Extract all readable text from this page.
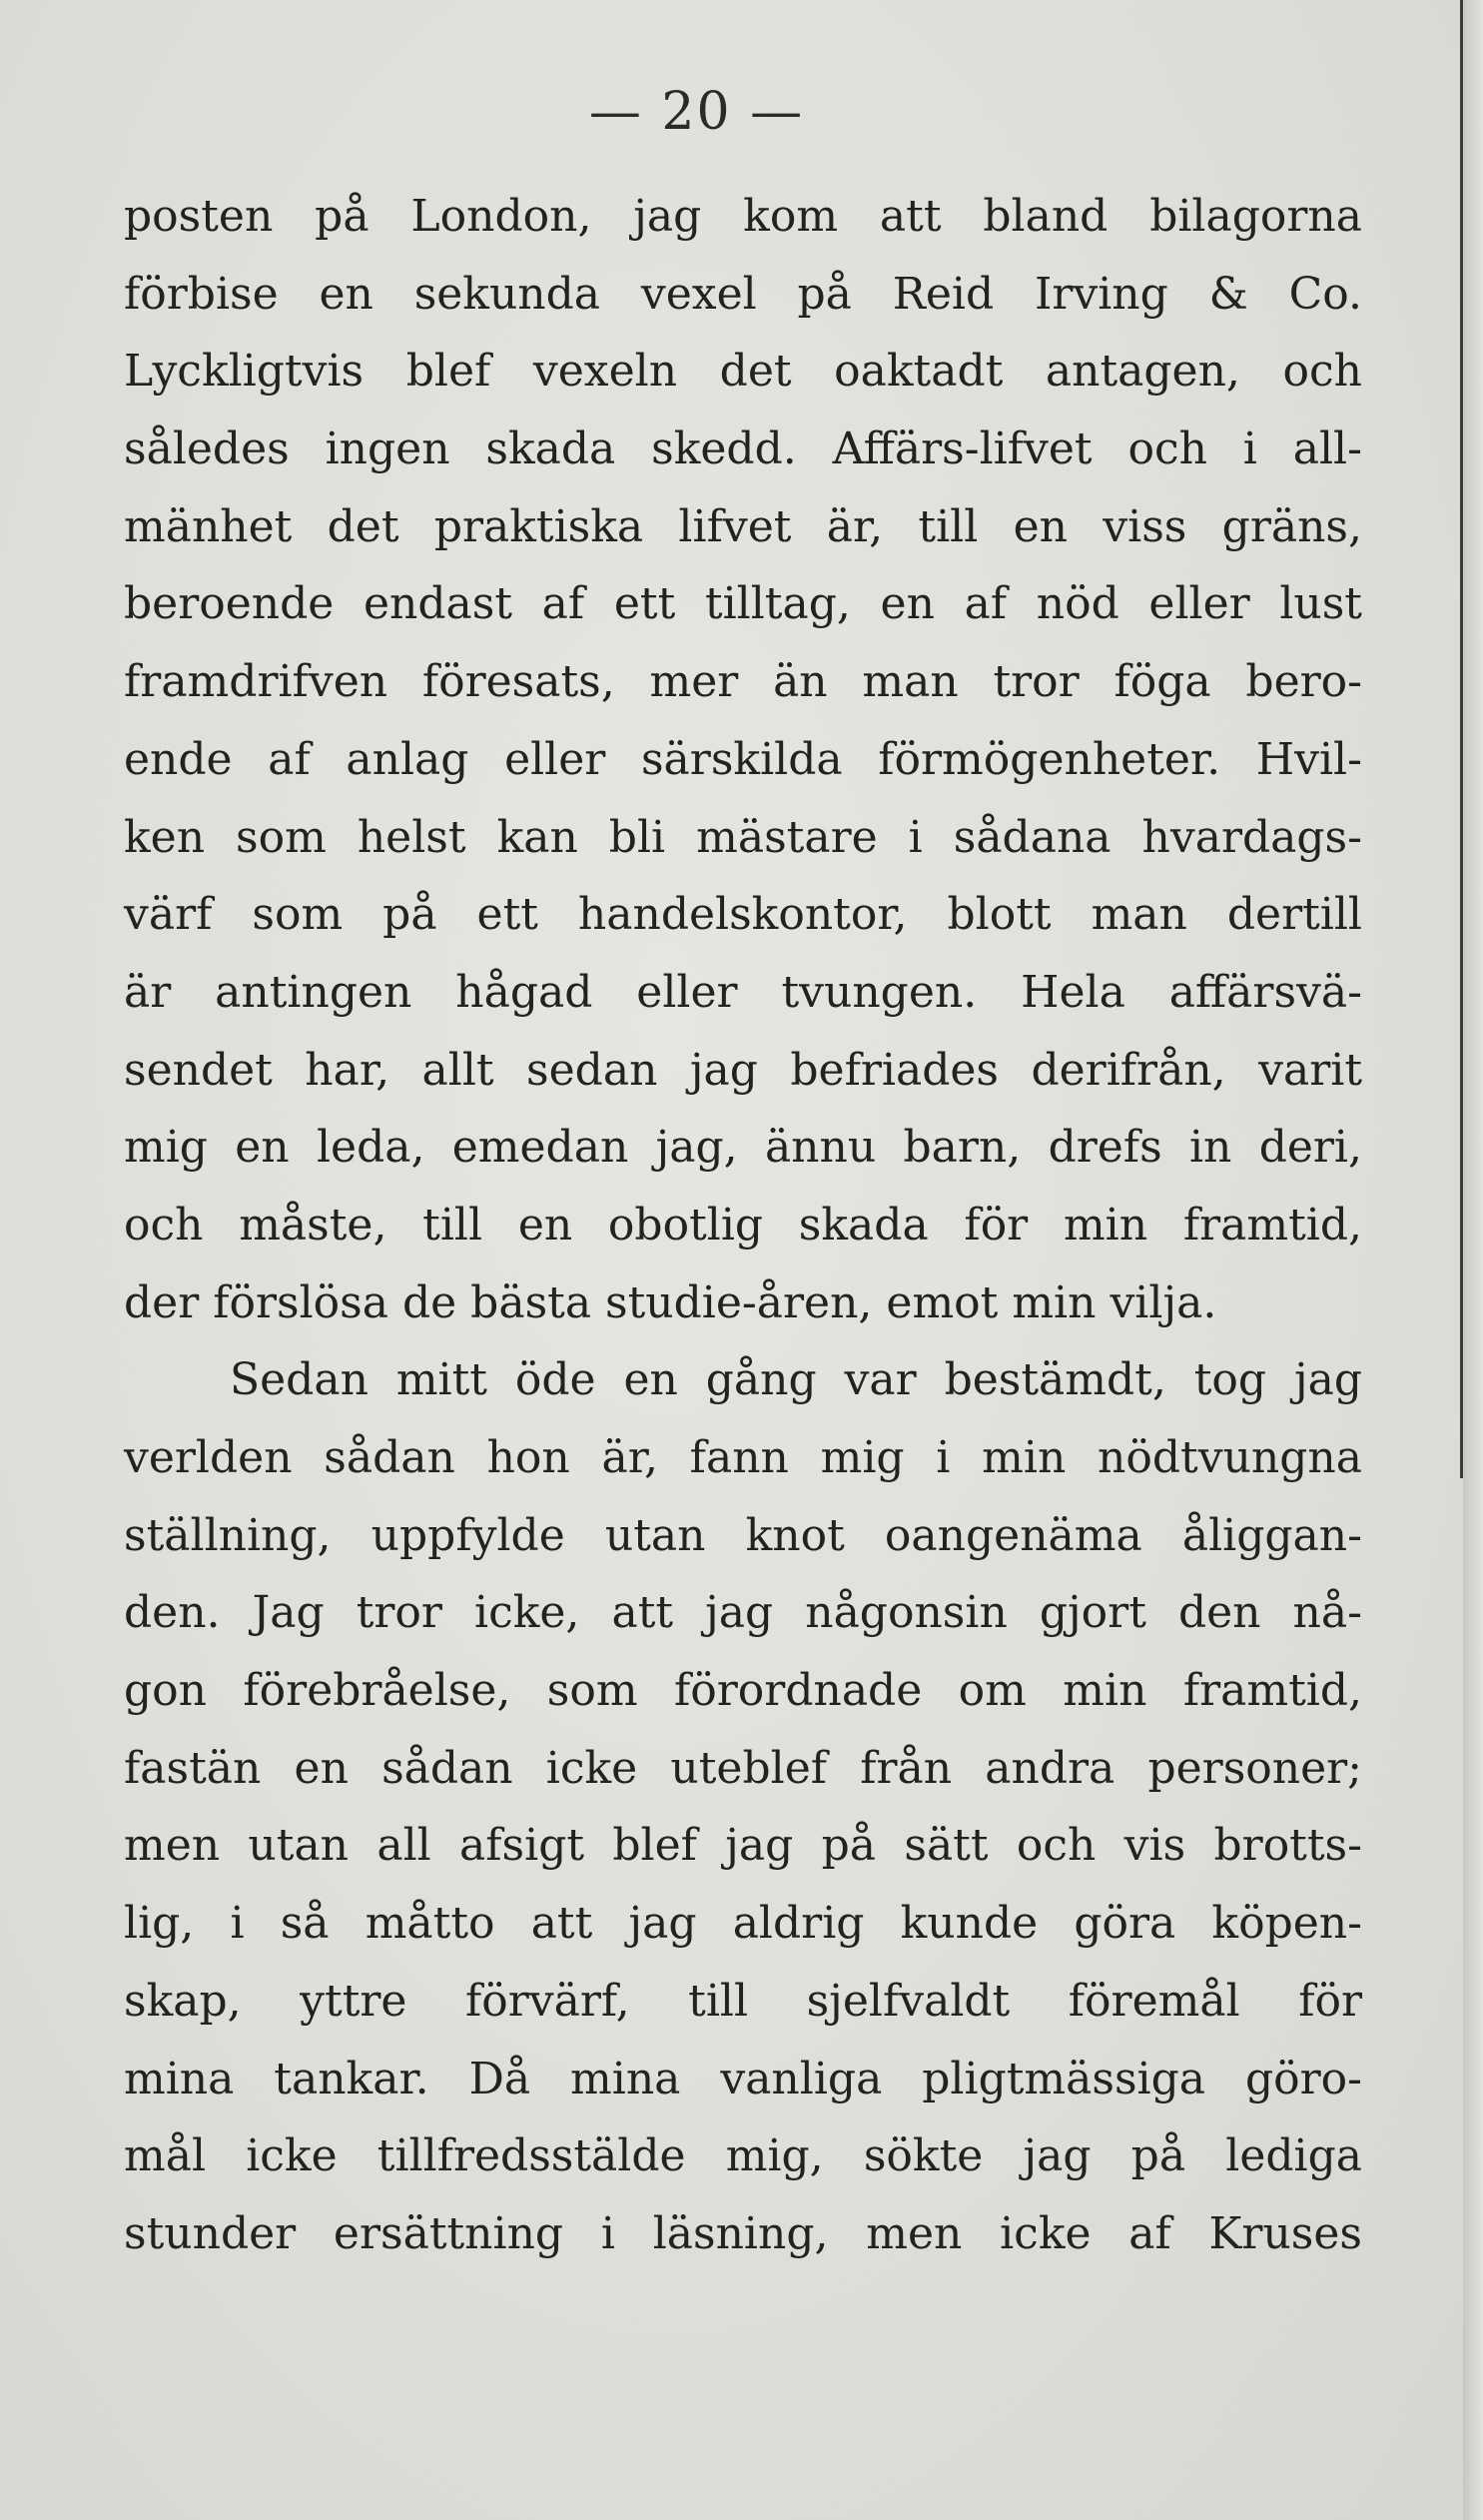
— 20 —
posten på London, jag kom att bland bilagorna
förbise en sekunda vexel på Reid Irving & Co.
Lyckligtvis blef vexeln det oaktadt antagen, och
således ingen skada skedd. Affärs-lifvet och i all-
mänhet det praktiska lifvet är, till en viss gräns,
beroende endast af ett tilltag, en af nöd eller lust
framdrifven föresats, mer än man tror föga bero-
ende af anlag eller särskilda förmögenheter. Hvil-
ken som helst kan bli mästare i sådana hvardags-
värf som på ett handelskontor, blott man dertill
är antingen hågad eller tvungen. Hela affärsvä-
sendet har, allt sedan jag befriades derifrån, varit
mig en leda, emedan jag, ännu barn, drefs in deri,
och måste, till en obotlig skada för min framtid,
der förslösa de bästa studie-åren, emot min vilja.
Sedan mitt öde en gång var bestämdt, tog jag
verlden sådan hon är, fann mig i min nödtvungna
ställning, uppfylde utan knot oangenäma åliggan-
den. Jag tror icke, att jag någonsin gjort den nå-
gon förebråelse, som förordnade om min framtid,
fastän en sådan icke uteblef från andra personer;
men utan all afsigt blef jag på sätt och vis brotts-
lig, i så måtto att jag aldrig kunde göra köpen-
skap, yttre förvärf, till sjelfvaldt föremål för
mina tankar. Då mina vanliga pligtmässiga göro-
mål icke tillfredsstälde mig, sökte jag på lediga
stunder ersättning i läsning, men icke af Kruses
